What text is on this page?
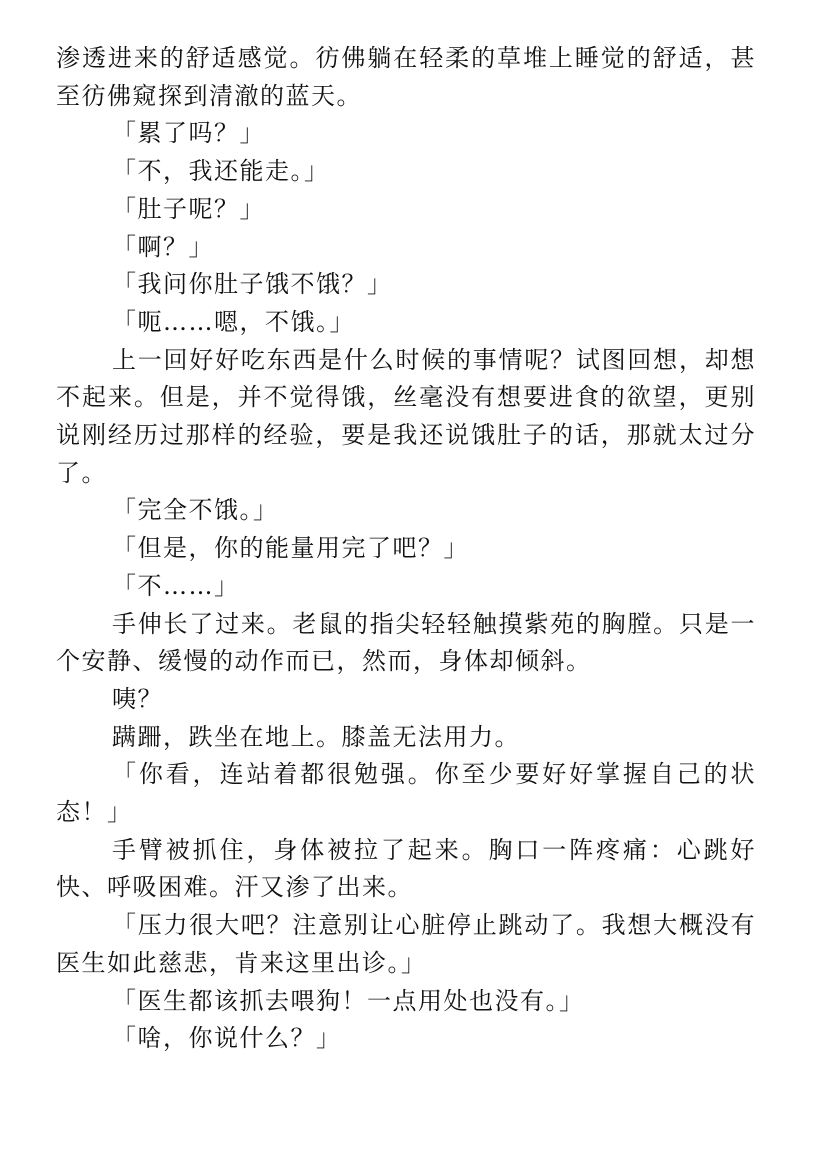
渗透进来的舒适感觉。彷佛躺在轻柔的草堆上睡觉的舒适，甚至彷佛窥探到清澈的蓝天。

「累了吗？」

「不，我还能走。」

「肚子呢？」

「啊？」

「我问你肚子饿不饿？」

「呃……嗯，不饿。」

上一回好好吃东西是什么时候的事情呢？试图回想，却想不起来。但是，并不觉得饿，丝毫没有想要进食的欲望，更别说刚经历过那样的经验，要是我还说饿肚子的话，那就太过分了。

「完全不饿。」

「但是，你的能量用完了吧？」

「不……」

手伸长了过来。老鼠的指尖轻轻触摸紫苑的胸膛。只是一个安静、缓慢的动作而已，然而，身体却倾斜。

咦？

蹒跚，跌坐在地上。膝盖无法用力。

「你看，连站着都很勉强。你至少要好好掌握自己的状态！」

手臂被抓住，身体被拉了起来。胸口一阵疼痛：心跳好快、呼吸困难。汗又渗了出来。

「压力很大吧？注意别让心脏停止跳动了。我想大概没有医生如此慈悲，肯来这里出诊。」

「医生都该抓去喂狗！一点用处也没有。」

「啥，你说什么？」
